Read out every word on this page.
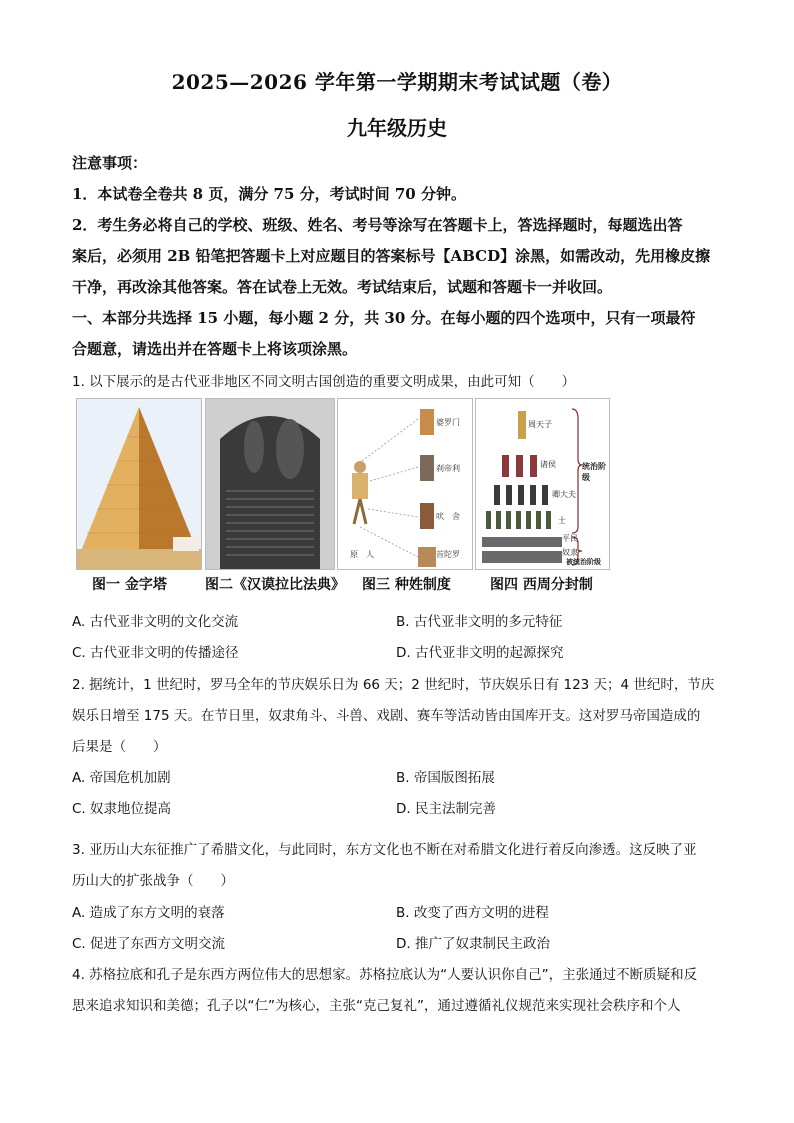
2025—2026 学年第一学期期末考试试题（卷）
九年级历史
注意事项：
1．本试卷全卷共 8 页，满分 75 分，考试时间 70 分钟。
2．考生务必将自己的学校、班级、姓名、考号等涂写在答题卡上，答选择题时，每题选出答
案后，必须用 2B 铅笔把答题卡上对应题目的答案标号【ABCD】涂黑，如需改动，先用橡皮擦
干净，再改涂其他答案。答在试卷上无效。考试结束后，试题和答题卡一并收回。
一、本部分共选择 15 小题，每小题 2 分，共 30 分。在每小题的四个选项中，只有一项最符
合题意，请选出并在答题卡上将该项涂黑。
1. 以下展示的是古代亚非地区不同文明古国创造的重要文明成果，由此可知（　　）
婆罗门
刹帝利
吠　舍
首陀罗
原　人
周天子
诸侯
卿大夫
士
平民
奴隶
统治阶级
被统治阶级
图一 金字塔	图二《汉谟拉比法典》 图三 种姓制度	图四 西周分封制
A. 古代亚非文明的文化交流	B. 古代亚非文明的多元特征
C. 古代亚非文明的传播途径	D. 古代亚非文明的起源探究
2. 据统计，1 世纪时，罗马全年的节庆娱乐日为 66 天；2 世纪时，节庆娱乐日有 123 天；4 世纪时，节庆
娱乐日增至 175 天。在节日里，奴隶角斗、斗兽、戏剧、赛车等活动皆由国库开支。这对罗马帝国造成的
后果是（　　）
A. 帝国危机加剧	B. 帝国版图拓展
C. 奴隶地位提高	D. 民主法制完善
3. 亚历山大东征推广了希腊文化，与此同时，东方文化也不断在对希腊文化进行着反向渗透。这反映了亚
历山大的扩张战争（　　）
A. 造成了东方文明的衰落	B. 改变了西方文明的进程
C. 促进了东西方文明交流	D. 推广了奴隶制民主政治
4. 苏格拉底和孔子是东西方两位伟大的思想家。苏格拉底认为“人要认识你自己”，主张通过不断质疑和反
思来追求知识和美德；孔子以“仁”为核心，主张“克己复礼”，通过遵循礼仪规范来实现社会秩序和个人
